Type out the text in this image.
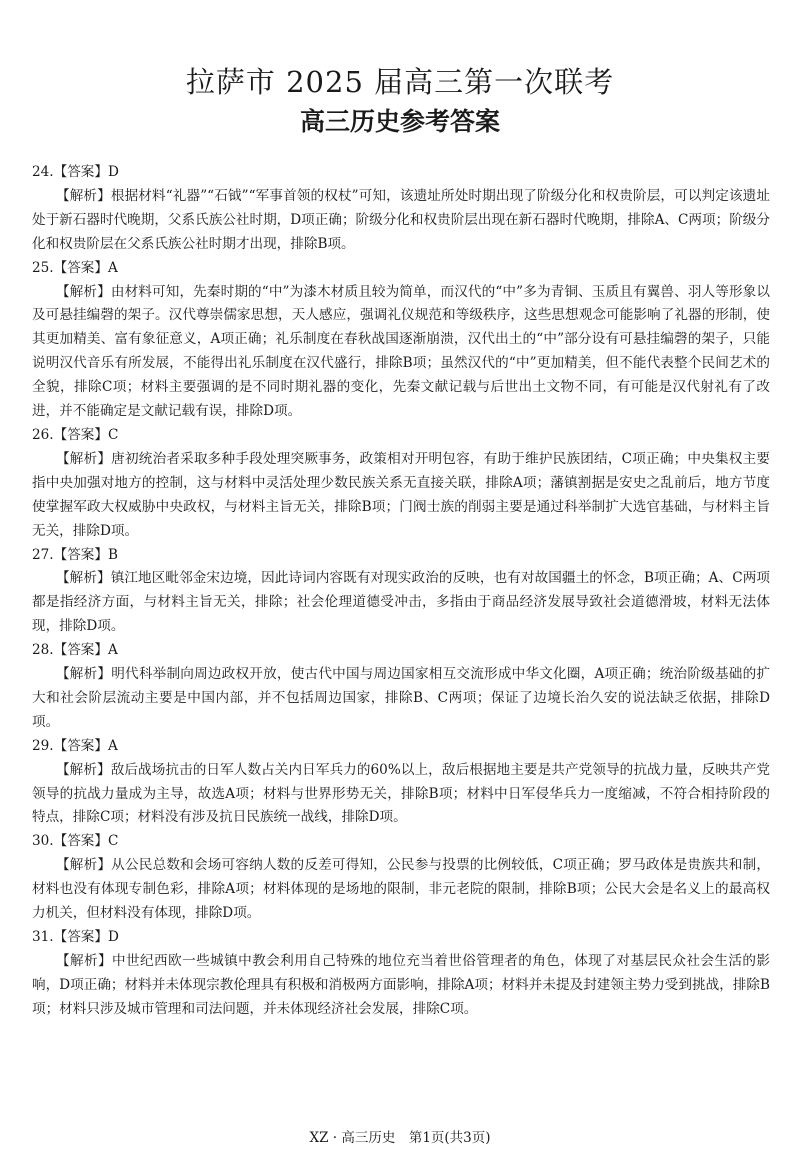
拉萨市 2025 届高三第一次联考
高三历史参考答案
24.【答案】D
【解析】根据材料“礼器”“石钺”“军事首领的权杖”可知，该遗址所处时期出现了阶级分化和权贵阶层，可以判定该遗址处于新石器时代晚期，父系氏族公社时期，D项正确；阶级分化和权贵阶层出现在新石器时代晚期，排除A、C两项；阶级分化和权贵阶层在父系氏族公社时期才出现，排除B项。
25.【答案】A
【解析】由材料可知，先秦时期的“中”为漆木材质且较为简单，而汉代的“中”多为青铜、玉质且有翼兽、羽人等形象以及可悬挂编磬的架子。汉代尊崇儒家思想，天人感应，强调礼仪规范和等级秩序，这些思想观念可能影响了礼器的形制，使其更加精美、富有象征意义，A项正确；礼乐制度在春秋战国逐渐崩溃，汉代出土的“中”部分设有可悬挂编磬的架子，只能说明汉代音乐有所发展，不能得出礼乐制度在汉代盛行，排除B项；虽然汉代的“中”更加精美，但不能代表整个民间艺术的全貌，排除C项；材料主要强调的是不同时期礼器的变化，先秦文献记载与后世出土文物不同，有可能是汉代射礼有了改进，并不能确定是文献记载有误，排除D项。
26.【答案】C
【解析】唐初统治者采取多种手段处理突厥事务，政策相对开明包容，有助于维护民族团结，C项正确；中央集权主要指中央加强对地方的控制，这与材料中灵活处理少数民族关系无直接关联，排除A项；藩镇割据是安史之乱前后，地方节度使掌握军政大权威胁中央政权，与材料主旨无关，排除B项；门阀士族的削弱主要是通过科举制扩大选官基础，与材料主旨无关，排除D项。
27.【答案】B
【解析】镇江地区毗邻金宋边境，因此诗词内容既有对现实政治的反映，也有对故国疆土的怀念，B项正确；A、C两项都是指经济方面，与材料主旨无关，排除；社会伦理道德受冲击，多指由于商品经济发展导致社会道德滑坡，材料无法体现，排除D项。
28.【答案】A
【解析】明代科举制向周边政权开放，使古代中国与周边国家相互交流形成中华文化圈，A项正确；统治阶级基础的扩大和社会阶层流动主要是中国内部，并不包括周边国家，排除B、C两项；保证了边境长治久安的说法缺乏依据，排除D项。
29.【答案】A
【解析】敌后战场抗击的日军人数占关内日军兵力的60%以上，敌后根据地主要是共产党领导的抗战力量，反映共产党领导的抗战力量成为主导，故选A项；材料与世界形势无关，排除B项；材料中日军侵华兵力一度缩减，不符合相持阶段的特点，排除C项；材料没有涉及抗日民族统一战线，排除D项。
30.【答案】C
【解析】从公民总数和会场可容纳人数的反差可得知，公民参与投票的比例较低，C项正确；罗马政体是贵族共和制，材料也没有体现专制色彩，排除A项；材料体现的是场地的限制，非元老院的限制，排除B项；公民大会是名义上的最高权力机关，但材料没有体现，排除D项。
31.【答案】D
【解析】中世纪西欧一些城镇中教会利用自己特殊的地位充当着世俗管理者的角色，体现了对基层民众社会生活的影响，D项正确；材料并未体现宗教伦理具有积极和消极两方面影响，排除A项；材料并未提及封建领主势力受到挑战，排除B项；材料只涉及城市管理和司法问题，并未体现经济社会发展，排除C项。
XZ · 高三历史　第1页(共3页)
